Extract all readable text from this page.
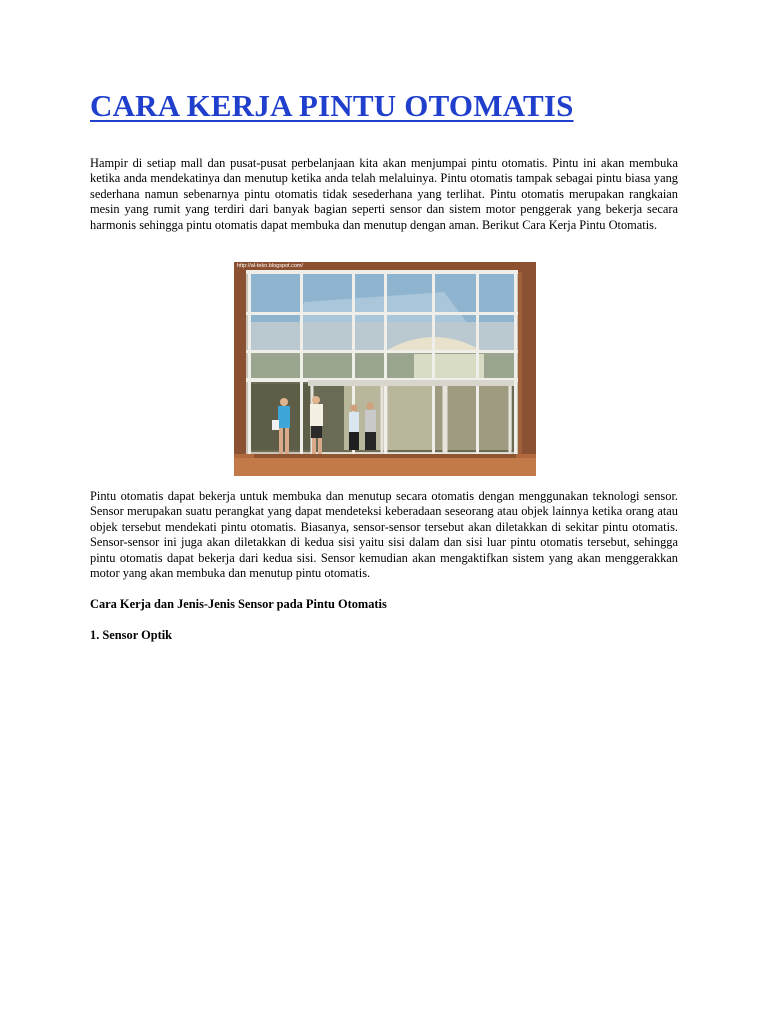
CARA KERJA PINTU OTOMATIS

Hampir di setiap mall dan pusat-pusat perbelanjaan kita akan menjumpai pintu otomatis. Pintu ini akan membuka ketika anda mendekatinya dan menutup ketika anda telah melaluinya. Pintu otomatis tampak sebagai pintu biasa yang sederhana namun sebenarnya pintu otomatis tidak sesederhana yang terlihat. Pintu otomatis merupakan rangkaian mesin yang rumit yang terdiri dari banyak bagian seperti sensor dan sistem motor penggerak yang bekerja secara harmonis sehingga pintu otomatis dapat membuka dan menutup dengan aman. Berikut Cara Kerja Pintu Otomatis.

http://al-tekn.blogspot.com/

Pintu otomatis dapat bekerja untuk membuka dan menutup secara otomatis dengan menggunakan teknologi sensor. Sensor merupakan suatu perangkat yang dapat mendeteksi keberadaan seseorang atau objek lainnya ketika orang atau objek tersebut mendekati pintu otomatis. Biasanya, sensor-sensor tersebut akan diletakkan di sekitar pintu otomatis. Sensor-sensor ini juga akan diletakkan di kedua sisi yaitu sisi dalam dan sisi luar pintu otomatis tersebut, sehingga pintu otomatis dapat bekerja dari kedua sisi. Sensor kemudian akan mengaktifkan sistem yang akan menggerakkan motor yang akan membuka dan menutup pintu otomatis.

Cara Kerja dan Jenis-Jenis Sensor pada Pintu Otomatis

1. Sensor Optik
